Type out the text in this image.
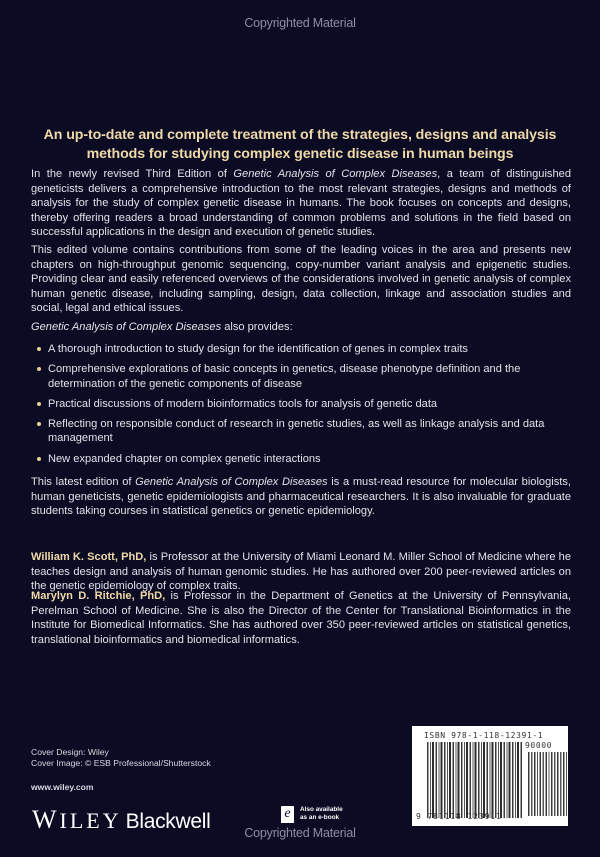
Copyrighted Material
An up-to-date and complete treatment of the strategies, designs and analysis methods for studying complex genetic disease in human beings
In the newly revised Third Edition of Genetic Analysis of Complex Diseases, a team of distinguished geneticists delivers a comprehensive introduction to the most relevant strategies, designs and methods of analysis for the study of complex genetic disease in humans. The book focuses on concepts and designs, thereby offering readers a broad understanding of common problems and solutions in the field based on successful applications in the design and execution of genetic studies.
This edited volume contains contributions from some of the leading voices in the area and presents new chapters on high-throughput genomic sequencing, copy-number variant analysis and epigenetic studies. Providing clear and easily referenced overviews of the considerations involved in genetic analysis of complex human genetic disease, including sampling, design, data collection, linkage and association studies and social, legal and ethical issues.
Genetic Analysis of Complex Diseases also provides:
A thorough introduction to study design for the identification of genes in complex traits
Comprehensive explorations of basic concepts in genetics, disease phenotype definition and the determination of the genetic components of disease
Practical discussions of modern bioinformatics tools for analysis of genetic data
Reflecting on responsible conduct of research in genetic studies, as well as linkage analysis and data management
New expanded chapter on complex genetic interactions
This latest edition of Genetic Analysis of Complex Diseases is a must-read resource for molecular biologists, human geneticists, genetic epidemiologists and pharmaceutical researchers. It is also invaluable for graduate students taking courses in statistical genetics or genetic epidemiology.
William K. Scott, PhD, is Professor at the University of Miami Leonard M. Miller School of Medicine where he teaches design and analysis of human genomic studies. He has authored over 200 peer-reviewed articles on the genetic epidemiology of complex traits.
Marylyn D. Ritchie, PhD, is Professor in the Department of Genetics at the University of Pennsylvania, Perelman School of Medicine. She is also the Director of the Center for Translational Bioinformatics in the Institute for Biomedical Informatics. She has authored over 350 peer-reviewed articles on statistical genetics, translational bioinformatics and biomedical informatics.
Cover Design: Wiley
Cover Image: © ESB Professional/Shutterstock
www.wiley.com
WILEY Blackwell	e	Also available
as an e-book
Copyrighted Material
ISBN 978-1-118-12391-1
90000
9 781118 123911
